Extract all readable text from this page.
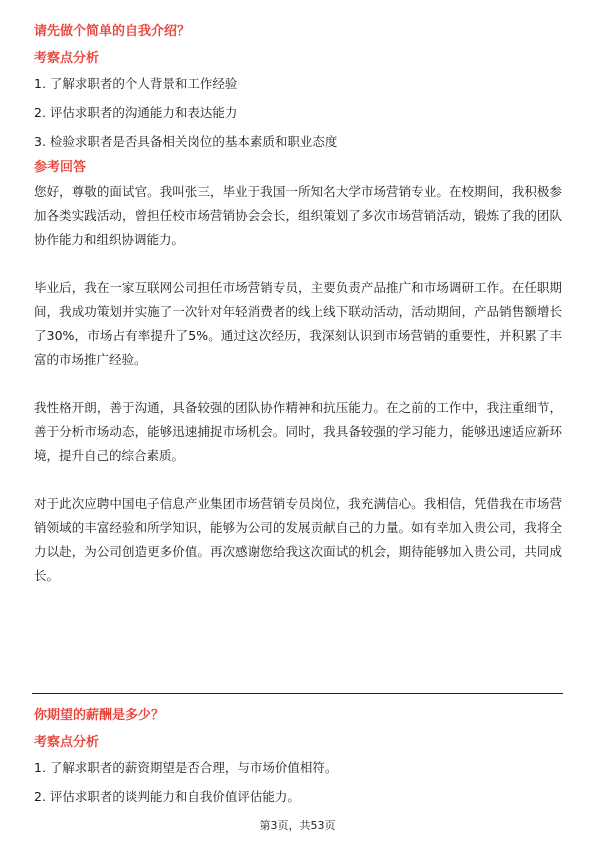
请先做个简单的自我介绍？

考察点分析

1. 了解求职者的个人背景和工作经验

2. 评估求职者的沟通能力和表达能力

3. 检验求职者是否具备相关岗位的基本素质和职业态度

参考回答

您好，尊敬的面试官。我叫张三，毕业于我国一所知名大学市场营销专业。在校期间，我积极参加各类实践活动，曾担任校市场营销协会会长，组织策划了多次市场营销活动，锻炼了我的团队协作能力和组织协调能力。

毕业后，我在一家互联网公司担任市场营销专员，主要负责产品推广和市场调研工作。在任职期间，我成功策划并实施了一次针对年轻消费者的线上线下联动活动，活动期间，产品销售额增长了30%，市场占有率提升了5%。通过这次经历，我深刻认识到市场营销的重要性，并积累了丰富的市场推广经验。

我性格开朗，善于沟通，具备较强的团队协作精神和抗压能力。在之前的工作中，我注重细节，善于分析市场动态，能够迅速捕捉市场机会。同时，我具备较强的学习能力，能够迅速适应新环境，提升自己的综合素质。

对于此次应聘中国电子信息产业集团市场营销专员岗位，我充满信心。我相信，凭借我在市场营销领域的丰富经验和所学知识，能够为公司的发展贡献自己的力量。如有幸加入贵公司，我将全力以赴，为公司创造更多价值。再次感谢您给我这次面试的机会，期待能够加入贵公司，共同成长。

你期望的薪酬是多少？

考察点分析

1. 了解求职者的薪资期望是否合理，与市场价值相符。

2. 评估求职者的谈判能力和自我价值评估能力。

第3页，共53页
